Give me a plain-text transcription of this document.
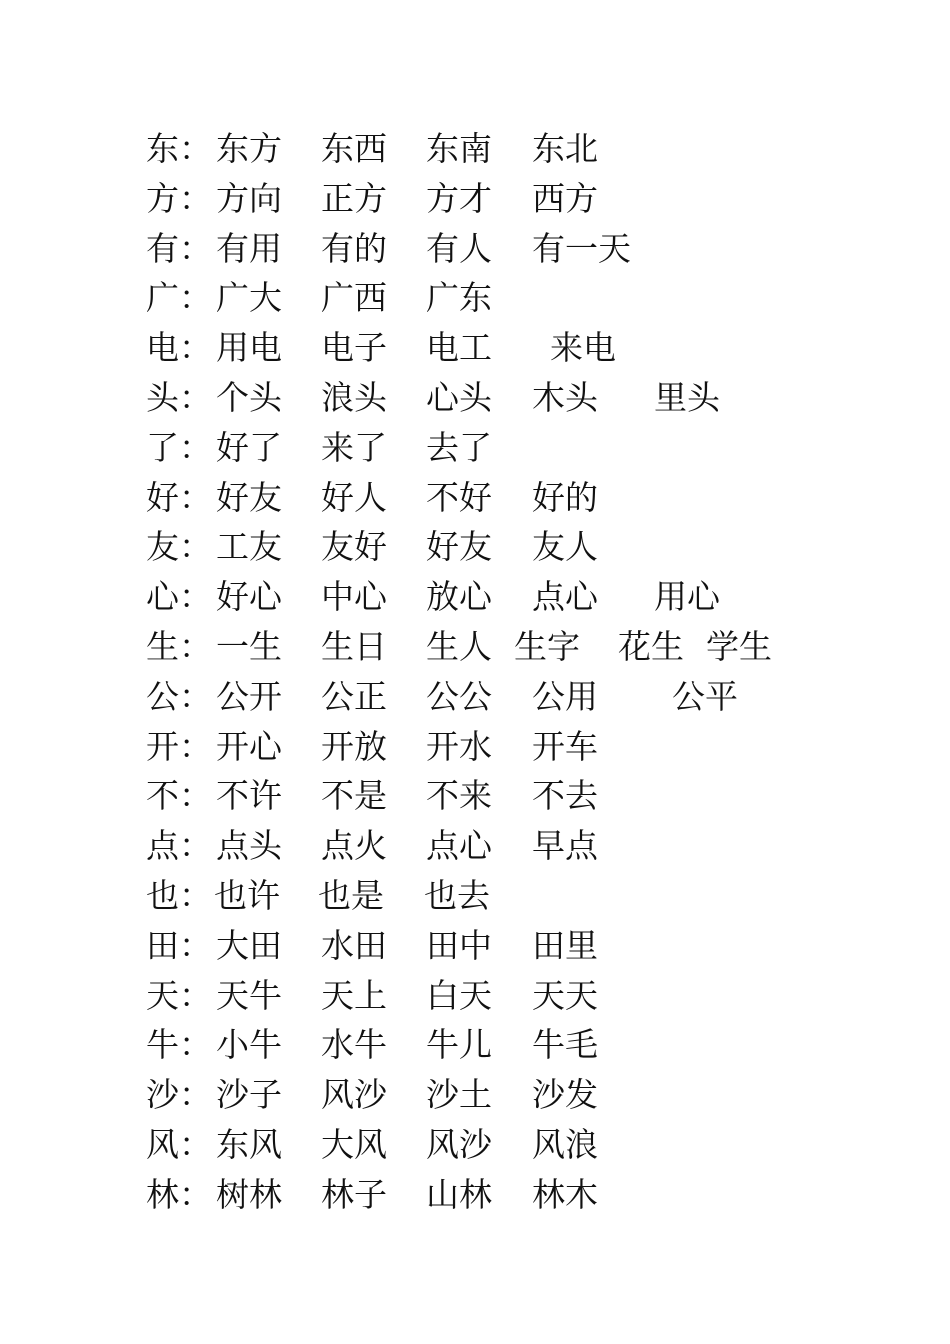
东 ： 东方 东西 东南 东北
方 ： 方向 正方 方才 西方
有 ： 有用 有的 有人 有一天
广 ： 广大 广西 广东
电 ： 用电 电子 电工 来电
头 ： 个头 浪头 心头 木头 里头
了 ： 好了 来了 去了
好 ： 好友 好人 不好 好的
友 ： 工友 友好 好友 友人
心 ： 好心 中心 放心 点心 用心
生 ： 一生 生日 生人 生字 花生 学生
公 ： 公开 公正 公公 公用 公平
开 ： 开心 开放 开水 开车
不 ： 不许 不是 不来 不去
点 ： 点头 点火 点心 早点
也 ： 也许 也是 也去
田 ： 大田 水田 田中 田里
天 ： 天牛 天上 白天 天天
牛 ： 小牛 水牛 牛儿 牛毛
沙 ： 沙子 风沙 沙土 沙发
风 ： 东风 大风 风沙 风浪
林 ： 树林 林子 山林 林木
